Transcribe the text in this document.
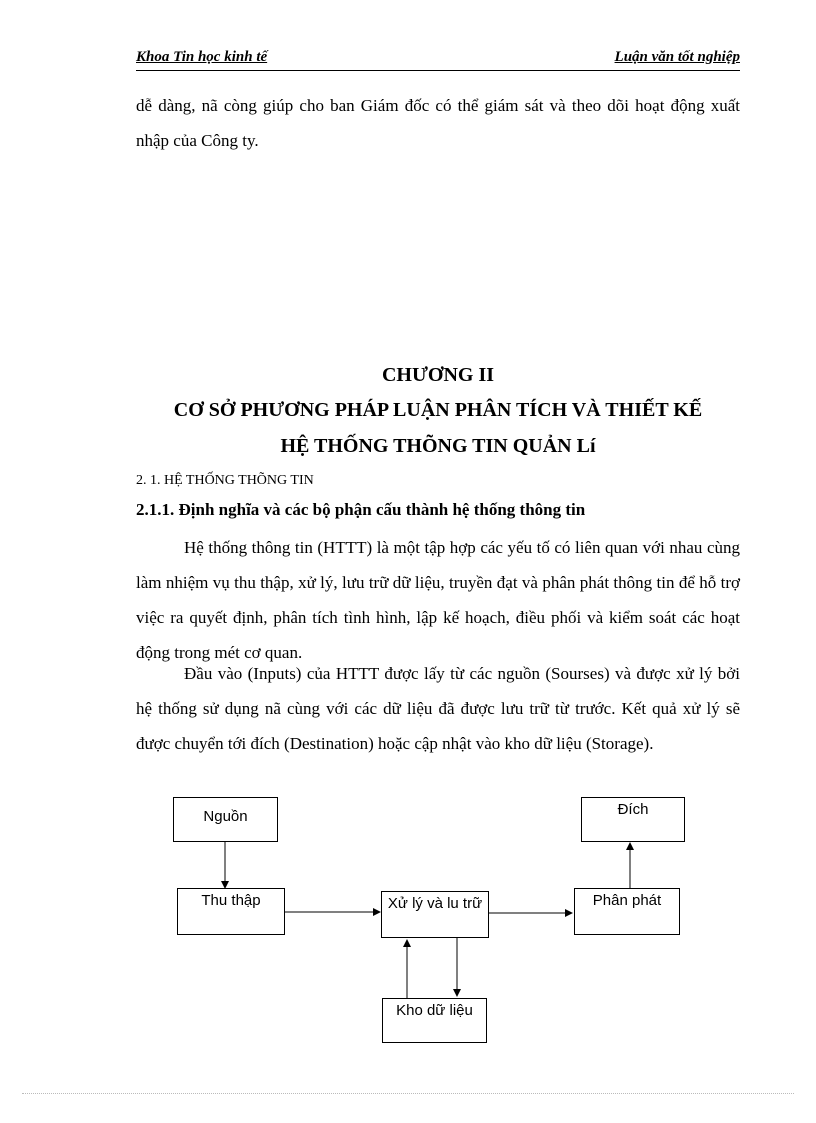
Khoa Tin học kinh tế	Luận văn tốt nghiệp
dễ dàng, nã còng giúp cho ban Giám đốc có thể giám sát và theo dõi hoạt động xuất nhập của Công ty.
CHƯƠNG II
CƠ SỞ PHƯƠNG PHÁP LUẬN PHÂN TÍCH VÀ THIẾT KẾ
HỆ THỐNG THÕNG TIN QUẢN Lí
2. 1. HỆ THỐNG THÕNG TIN
2.1.1. Định nghĩa và các bộ phận cấu thành hệ thống thông tin
Hệ thống thông tin (HTTT) là một tập hợp các yếu tố có liên quan với nhau cùng làm nhiệm vụ thu thập, xử lý, lưu trữ dữ liệu, truyền đạt và phân phát thông tin để hỗ trợ việc ra quyết định, phân tích tình hình, lập kế hoạch, điều phối và kiểm soát các hoạt động trong mét cơ quan.
Đầu vào (Inputs) của HTTT được lấy từ các nguồn (Sourses) và được xử lý bởi hệ thống sử dụng nã cùng với các dữ liệu đã được lưu trữ từ trước. Kết quả xử lý sẽ được chuyển tới đích (Destination) hoặc cập nhật vào kho dữ liệu (Storage).
Nguồn
Thu thập	Xử lý và lu trữ	Phân phát
Đích
Kho dữ liệu
